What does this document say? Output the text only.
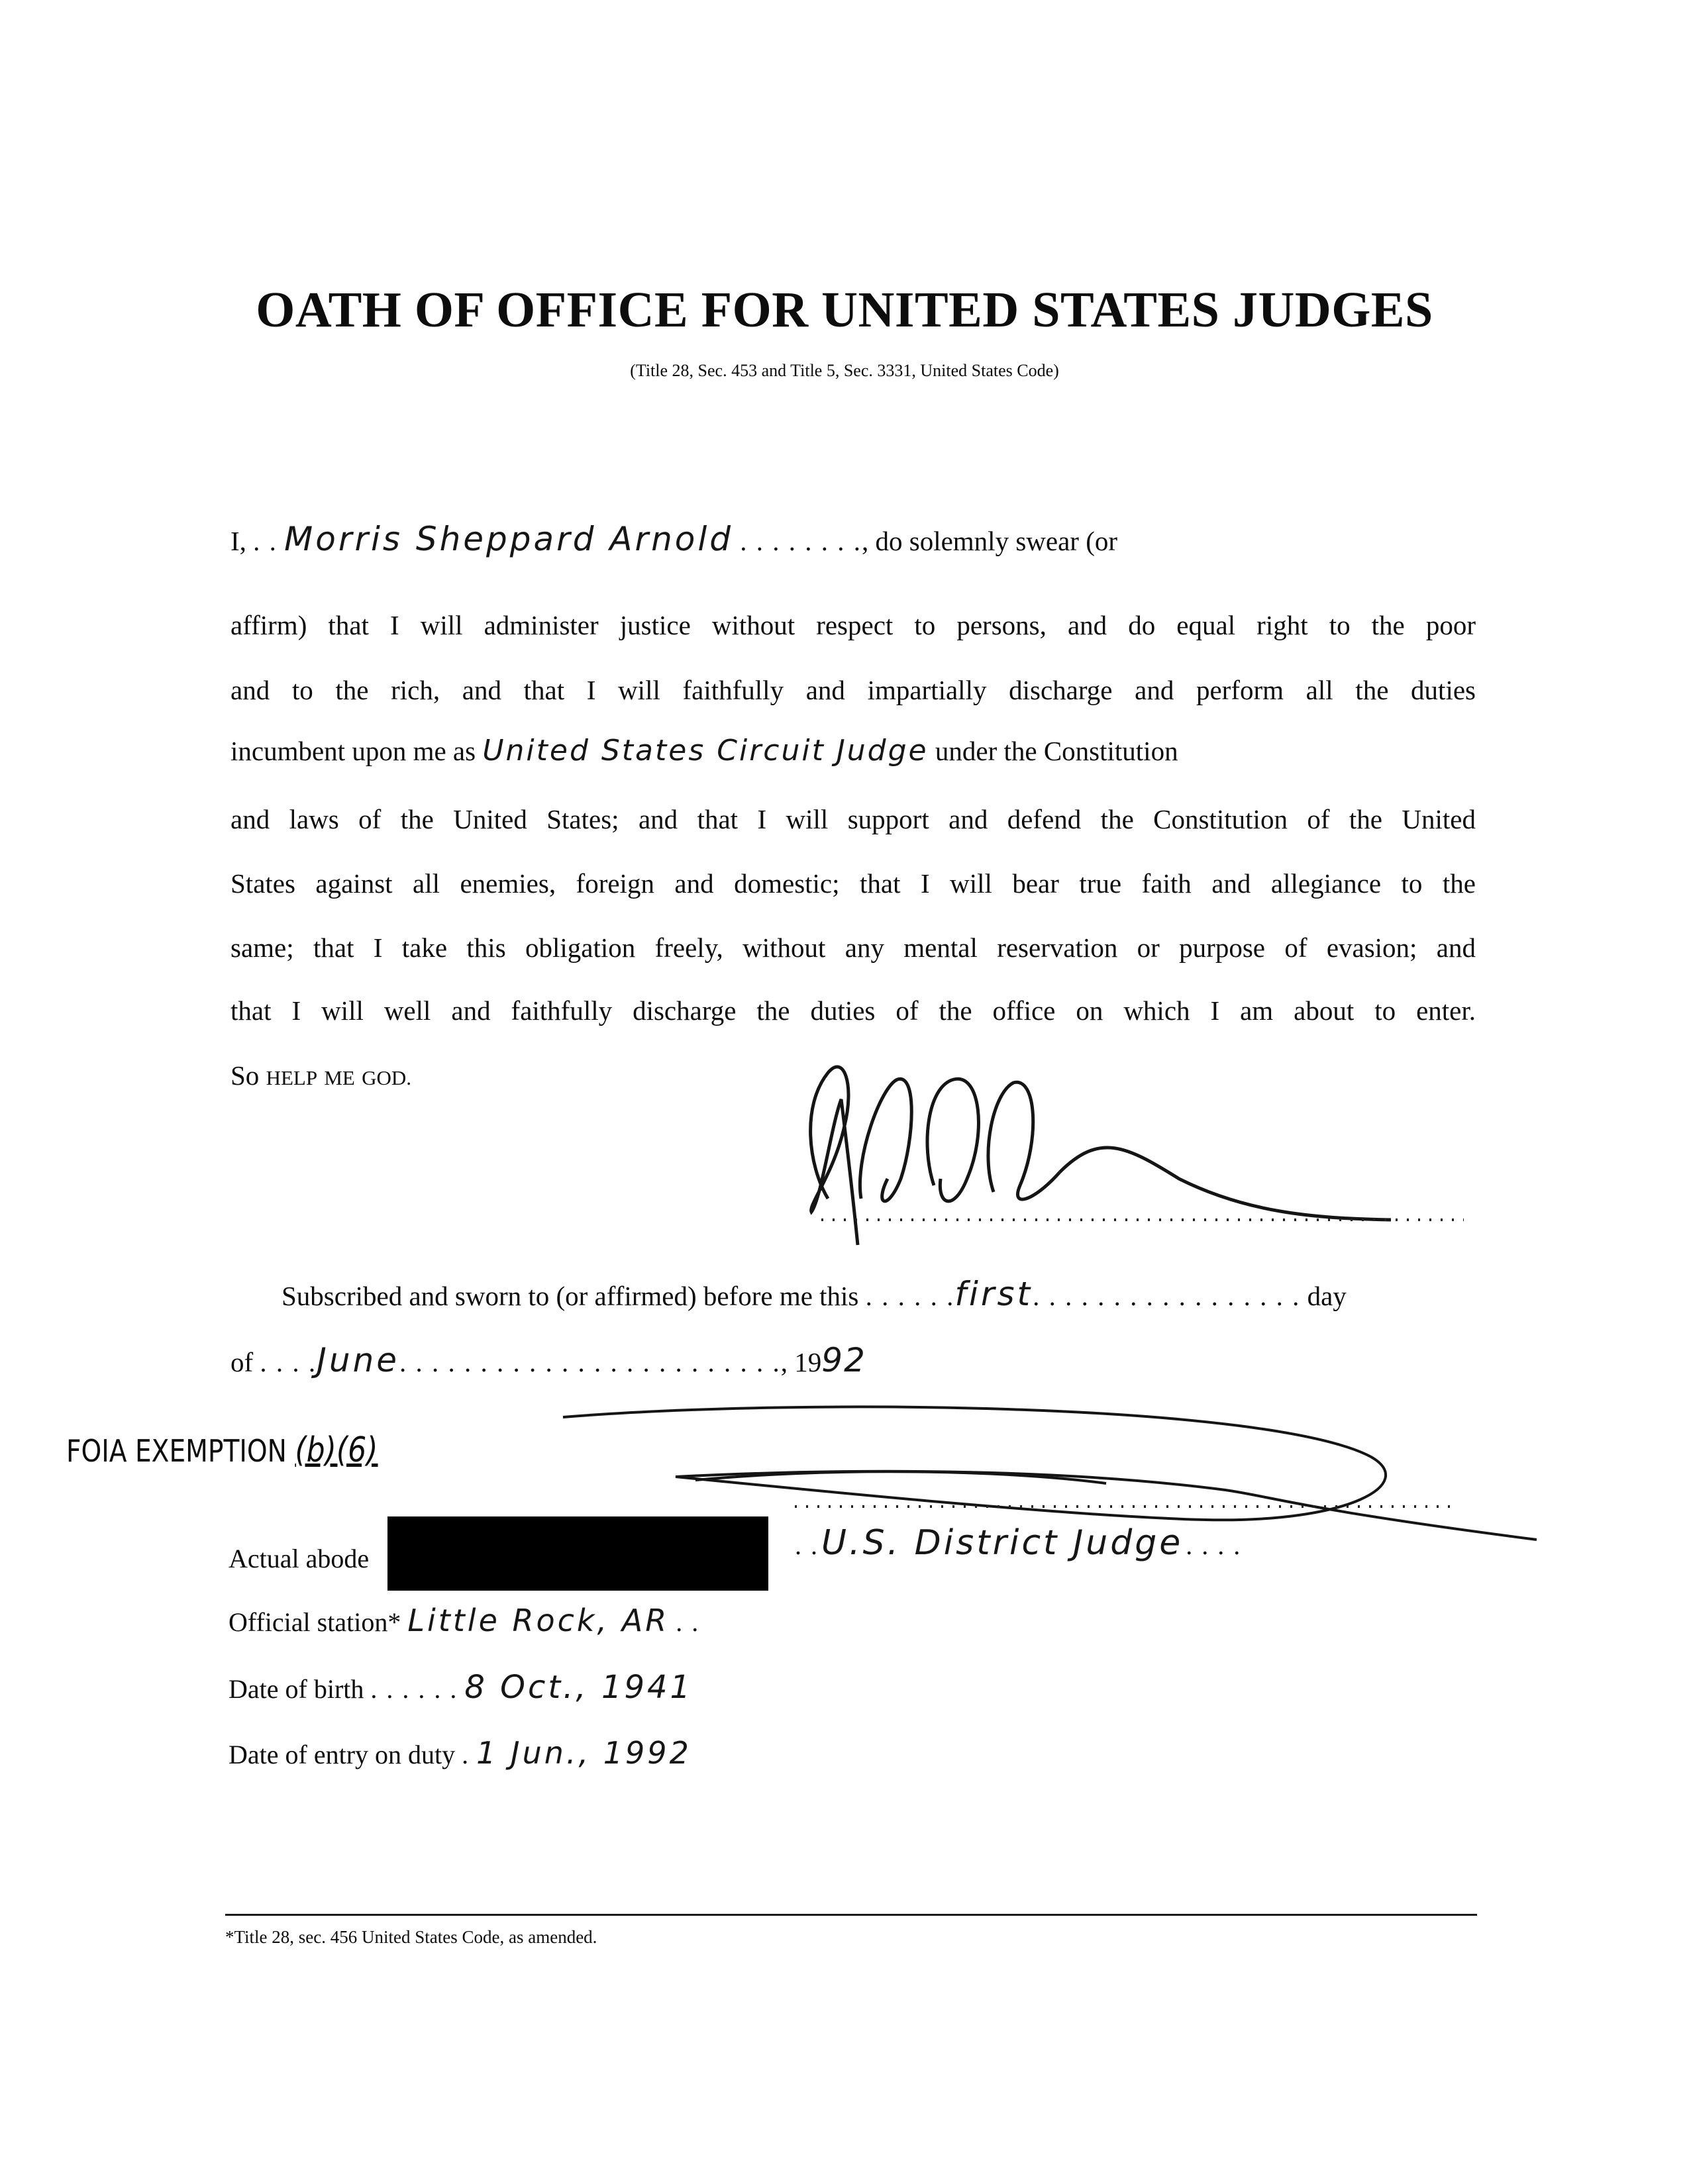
OATH OF OFFICE FOR UNITED STATES JUDGES
(Title 28, Sec. 453 and Title 5, Sec. 3331, United States Code)
I, . . Morris Sheppard Arnold . . . . . . . ., do solemnly swear (or
affirm) that I will administer justice without respect to persons, and do equal right to the poor
and to the rich, and that I will faithfully and impartially discharge and perform all the duties
incumbent upon me as United States Circuit Judge under the Constitution
and laws of the United States; and that I will support and defend the Constitution of the United
States against all enemies, foreign and domestic; that I will bear true faith and allegiance to the
same; that I take this obligation freely, without any mental reservation or purpose of evasion; and
that I will well and faithfully discharge the duties of the office on which I am about to enter.
So HELP ME GOD.
Subscribed and sworn to (or affirmed) before me this . . . . . .first. . . . . . . . . . . . . . . . . day
of . . . .June. . . . . . . . . . . . . . . . . . . . . . . ., 1992
FOIA EXEMPTION (b)(6)
. . U.S. District Judge . . . .
Actual abode
Official station* Little Rock, AR . .
Date of birth . . . . . . 8 Oct., 1941
Date of entry on duty . 1 Jun., 1992
*Title 28, sec. 456 United States Code, as amended.
